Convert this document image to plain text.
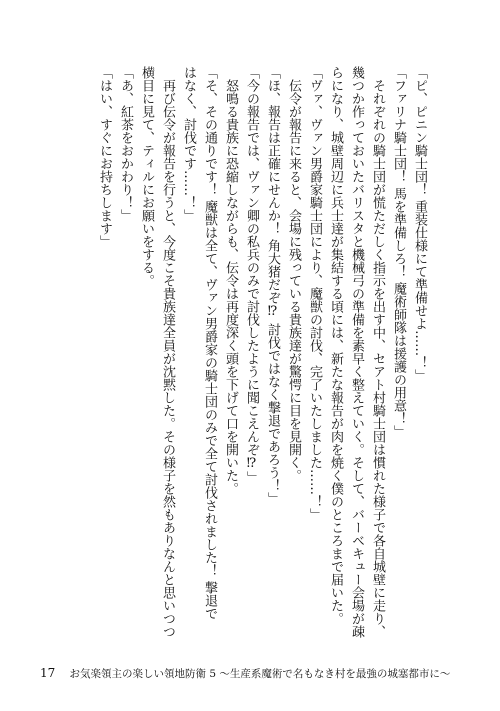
「ピ、ピニン騎士団！ 重装仕様にて準備せよ……！」

「ファリナ騎士団！ 馬を準備しろ！ 魔術師隊は援護の用意！」

　それぞれの騎士団が慌ただしく指示を出す中、セアト村騎士団は慣れた様子で各自城壁に走り、

幾つか作っておいたバリスタと機械弓の準備を素早く整えていく。そして、バーベキュー会場が疎

らになり、城壁周辺に兵士達が集結する頃には、新たな報告が肉を焼く僕のところまで届いた。

「ヴァ、ヴァン男爵家騎士団により、魔獣の討伐、完了いたしました……！」

　伝令が報告に来ると、会場に残っている貴族達が驚愕に目を見開く。

「ほ、報告は正確にせんか！ 角大猪だぞ⁉ 討伐ではなく撃退であろう！」

「今の報告では、ヴァン卿の私兵のみで討伐したように聞こえんぞ⁉」

　怒鳴る貴族に恐縮しながらも、伝令は再度深く頭を下げて口を開いた。

「そ、その通りです！ 魔獣は全て、ヴァン男爵家の騎士団のみで全て討伐されました！ 撃退で

はなく、討伐です……！」

　再び伝令が報告を行うと、今度こそ貴族達全員が沈黙した。その様子を然もありなんと思いつつ

横目に見て、ティルにお願いをする。

「あ、紅茶をおかわり！」

「はい、すぐにお持ちします」

17 お気楽領主の楽しい領地防衛 5 〜生産系魔術で名もなき村を最強の城塞都市に〜
